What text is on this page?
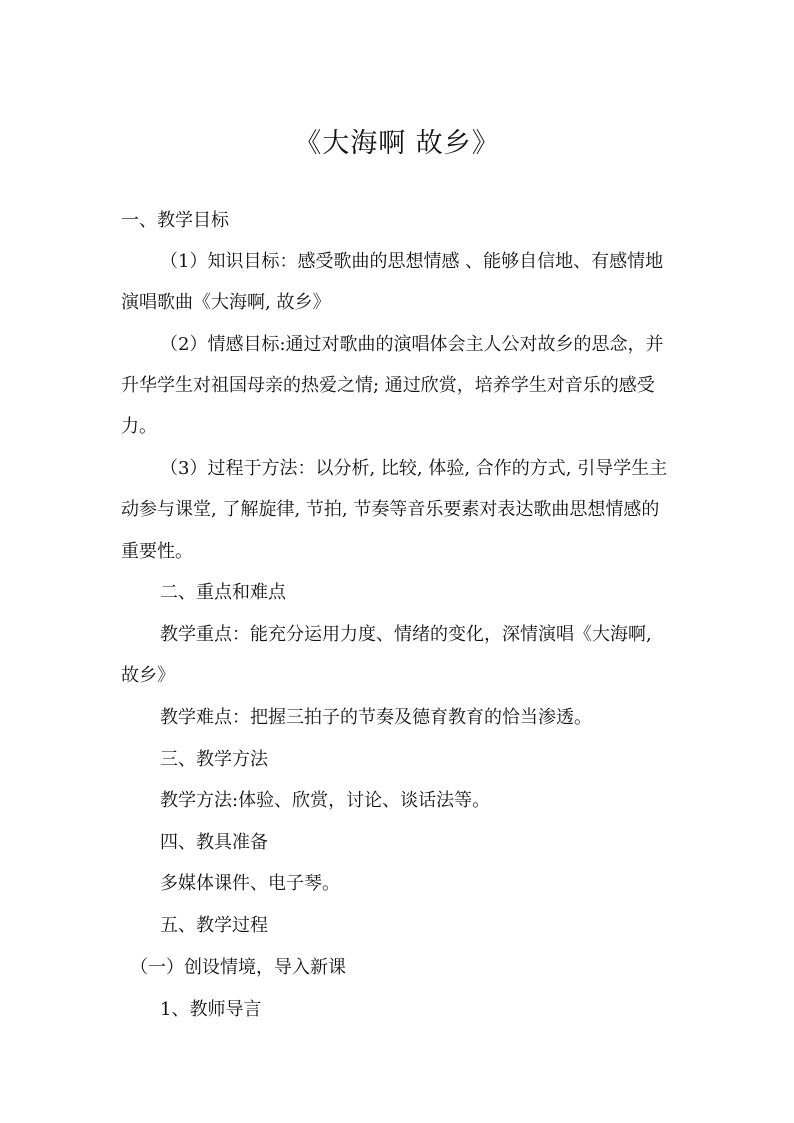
《大海啊 故乡》
一、教学目标
（1）知识目标：感受歌曲的思想情感 、能够自信地、有感情地
演唱歌曲《大海啊, 故乡》
（2）情感目标:通过对歌曲的演唱体会主人公对故乡的思念，并
升华学生对祖国母亲的热爱之情; 通过欣赏，培养学生对音乐的感受
力。
（3）过程于方法：以分析, 比较, 体验, 合作的方式, 引导学生主
动参与课堂, 了解旋律, 节拍, 节奏等音乐要素对表达歌曲思想情感的
重要性。
二、重点和难点
教学重点：能充分运用力度、情绪的变化，深情演唱《大海啊,
故乡》
教学难点：把握三拍子的节奏及德育教育的恰当渗透。
三、教学方法
教学方法:体验、欣赏，讨论、谈话法等。
四、教具准备
多媒体课件、电子琴。
五、教学过程
（一）创设情境，导入新课
1、教师导言
